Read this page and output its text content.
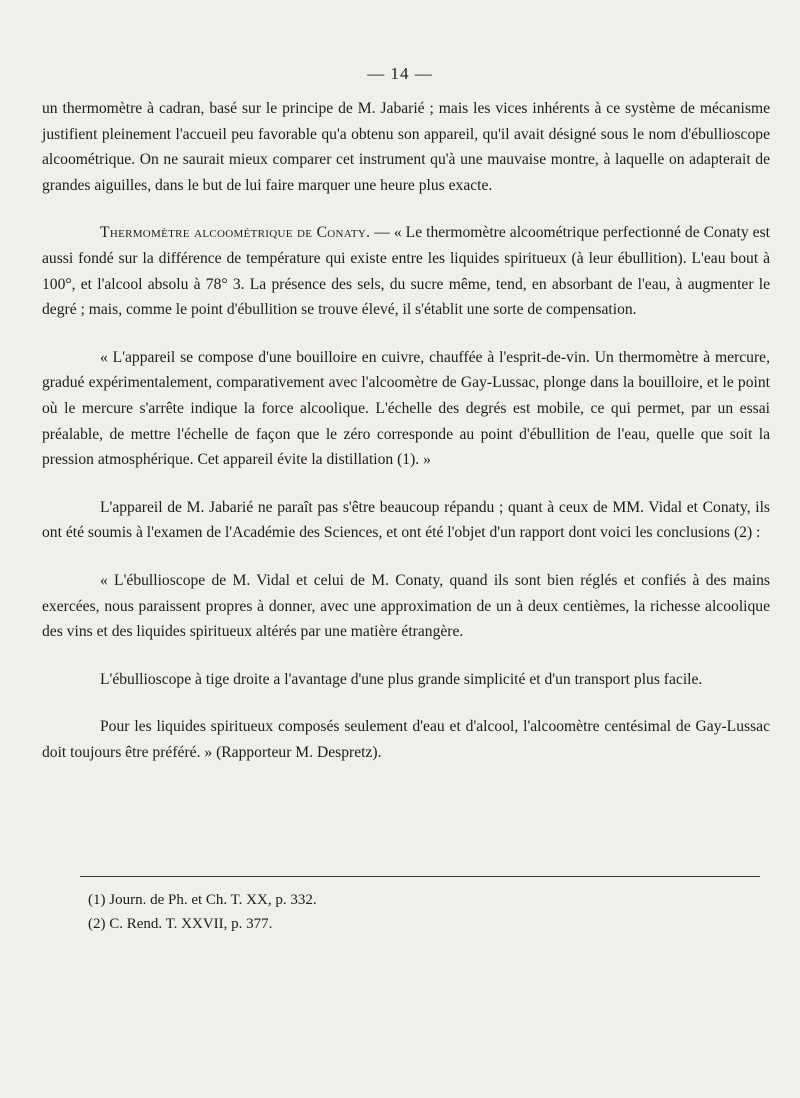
— 14 —

un thermomètre à cadran, basé sur le principe de M. Jabarié ; mais les vices inhérents à ce système de mécanisme justifient pleinement l'accueil peu favorable qu'a obtenu son appareil, qu'il avait désigné sous le nom d'ébullioscope alcoométrique. On ne saurait mieux comparer cet instrument qu'à une mauvaise montre, à laquelle on adapterait de grandes aiguilles, dans le but de lui faire marquer une heure plus exacte.

Thermomètre alcoométrique de Conaty. — « Le thermomètre alcoométrique perfectionné de Conaty est aussi fondé sur la différence de température qui existe entre les liquides spiritueux (à leur ébullition). L'eau bout à 100°, et l'alcool absolu à 78° 3. La présence des sels, du sucre même, tend, en absorbant de l'eau, à augmenter le degré ; mais, comme le point d'ébullition se trouve élevé, il s'établit une sorte de compensation.

« L'appareil se compose d'une bouilloire en cuivre, chauffée à l'esprit-de-vin. Un thermomètre à mercure, gradué expérimentalement, comparativement avec l'alcoomètre de Gay-Lussac, plonge dans la bouilloire, et le point où le mercure s'arrête indique la force alcoolique. L'échelle des degrés est mobile, ce qui permet, par un essai préalable, de mettre l'échelle de façon que le zéro corresponde au point d'ébullition de l'eau, quelle que soit la pression atmosphérique. Cet appareil évite la distillation (1). »

L'appareil de M. Jabarié ne paraît pas s'être beaucoup répandu ; quant à ceux de MM. Vidal et Conaty, ils ont été soumis à l'examen de l'Académie des Sciences, et ont été l'objet d'un rapport dont voici les conclusions (2) :

« L'ébullioscope de M. Vidal et celui de M. Conaty, quand ils sont bien réglés et confiés à des mains exercées, nous paraissent propres à donner, avec une approximation de un à deux centièmes, la richesse alcoolique des vins et des liquides spiritueux altérés par une matière étrangère.

L'ébullioscope à tige droite a l'avantage d'une plus grande simplicité et d'un transport plus facile.

Pour les liquides spiritueux composés seulement d'eau et d'alcool, l'alcoomètre centésimal de Gay-Lussac doit toujours être préféré. » (Rapporteur M. Despretz).

(1) Journ. de Ph. et Ch. T. XX, p. 332.
(2) C. Rend. T. XXVII, p. 377.
